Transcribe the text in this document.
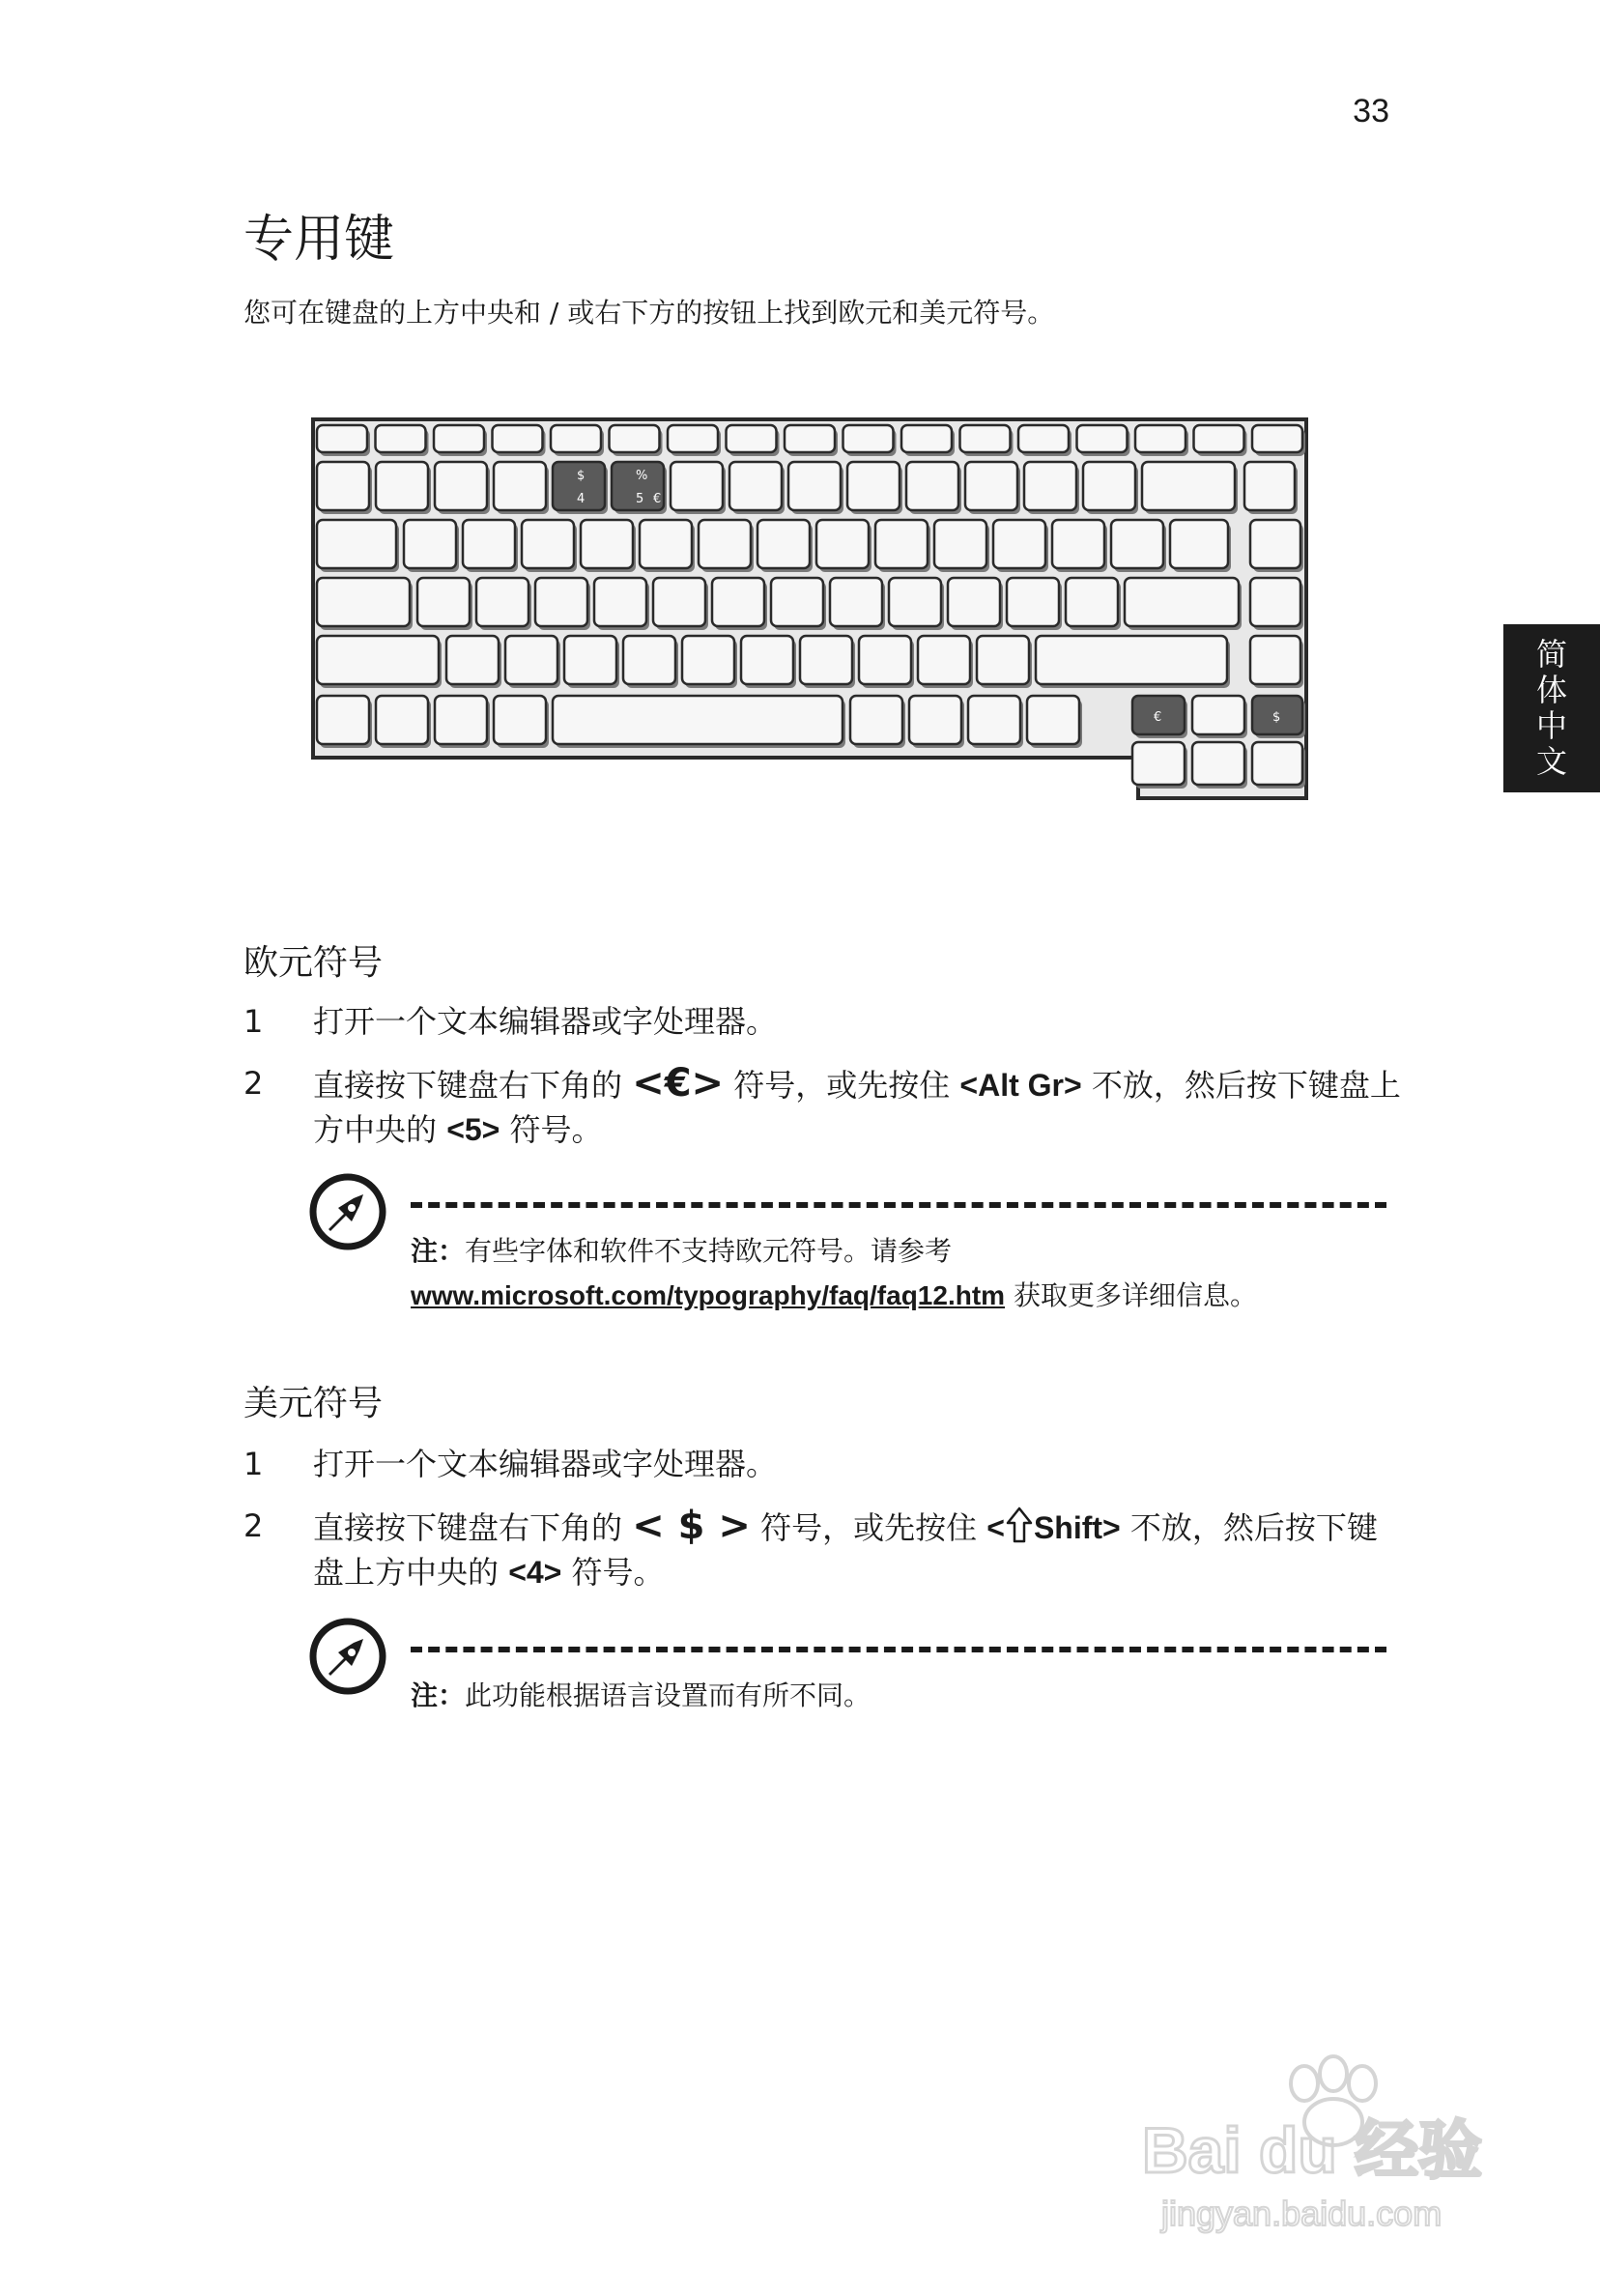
33
简
体
中
文
专用键

您可在键盘的上方中央和 / 或右下方的按钮上找到欧元和美元符号。

$
4
%
5 €
€	$
欧元符号
1 打开一个文本编辑器或字处理器。
2 直接按下键盘右下角的 <€> 符号，或先按住 <Alt Gr> 不放，然后按下键盘上方中央的 <5> 符号。
注：有些字体和软件不支持欧元符号。请参考 www.microsoft.com/typography/faq/faq12.htm 获取更多详细信息。
美元符号
1 打开一个文本编辑器或字处理器。
2 直接按下键盘右下角的 < $ > 符号，或先按住 < Shift> 不放，然后按下键盘上方中央的 <4> 符号。
注：此功能根据语言设置而有所不同。
Bai du 经验
jingyan.baidu.com
